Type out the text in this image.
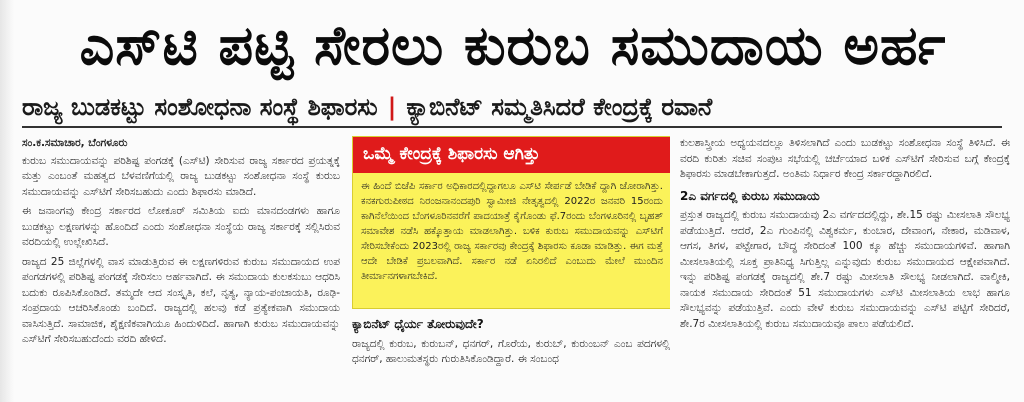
ಎಸ್‌ಟಿ ಪಟ್ಟಿ ಸೇರಲು ಕುರುಬ ಸಮುದಾಯ ಅರ್ಹ
ರಾಜ್ಯ ಬುಡಕಟ್ಟು ಸಂಶೋಧನಾ ಸಂಸ್ಥೆ ಶಿಫಾರಸು | ಕ್ಯಾಬಿನೆಟ್ ಸಮ್ಮತಿಸಿದರೆ ಕೇಂದ್ರಕ್ಕೆ ರವಾನೆ
ಸಂ.ಕ.ಸಮಾಚಾರ, ಬೆಂಗಳೂರು

ಕುರುಬ ಸಮುದಾಯವನ್ನು ಪರಿಶಿಷ್ಟ ಪಂಗಡಕ್ಕೆ (ಎಸ್‌ಟಿ) ಸೇರಿಸುವ ರಾಜ್ಯ ಸರ್ಕಾರದ ಪ್ರಯತ್ನಕ್ಕೆ ಮತ್ತು ಎಂಬಂತೆ ಮಹತ್ವದ ಬೆಳವಣಿಗೆಯಲ್ಲಿ ರಾಜ್ಯ ಬುಡಕಟ್ಟು ಸಂಶೋಧನಾ ಸಂಸ್ಥೆ ಕುರುಬ ಸಮುದಾಯವನ್ನು ಎಸ್‌ಟಿಗೆ ಸೇರಿಸಬಹುದು ಎಂದು ಶಿಫಾರಸು ಮಾಡಿದೆ.

ಈ ಜನಾಂಗವು ಕೇಂದ್ರ ಸರ್ಕಾರದ ಲೋಕೂರ್ ಸಮಿತಿಯ ಐದು ಮಾನದಂಡಗಳು ಹಾಗೂ ಬುಡಕಟ್ಟು ಲಕ್ಷಣಗಳನ್ನು ಹೊಂದಿದೆ ಎಂದು ಸಂಶೋಧನಾ ಸಂಸ್ಥೆಯ ರಾಜ್ಯ ಸರ್ಕಾರಕ್ಕೆ ಸಲ್ಲಿಸಿರುವ ವರದಿಯಲ್ಲಿ ಉಲ್ಲೇಖಿಸಿದೆ.

ರಾಜ್ಯದ 25 ಜಿಲ್ಲೆಗಳಲ್ಲಿ ವಾಸ ಮಾಡುತ್ತಿರುವ ಈ ಲಕ್ಷಣಗಳಿರುವ ಕುರುಬ ಸಮುದಾಯದ ಉಪ ಪಂಗಡಗಳಲ್ಲಿ ಪರಿಶಿಷ್ಟ ಪಂಗಡಕ್ಕೆ ಸೇರಿಸಲು ಅರ್ಹವಾಗಿದೆ. ಈ ಸಮುದಾಯ ಕುಲಕಸುಬು ಆಧರಿಸಿ ಬದುಕು ರೂಪಿಸಿಕೊಂಡಿದೆ. ತಮ್ಮದೇ ಆದ ಸಂಸ್ಕೃತಿ, ಕಲೆ, ನೃತ್ಯ, ನ್ಯಾಯ-ಪಂಚಾಯತಿ, ರೂಢಿ-ಸಂಪ್ರದಾಯ ಆಚರಿಸಿಕೊಂಡು ಬಂದಿದೆ. ರಾಜ್ಯದಲ್ಲಿ ಹಲವು ಕಡೆ ಪ್ರತ್ಯೇಕವಾಗಿ ಸಮುದಾಯ ವಾಸಿಸುತ್ತಿದೆ. ಸಾಮಾಜಿಕ, ಶೈಕ್ಷಣಿಕವಾಗಿಯೂ ಹಿಂದುಳಿದಿದೆ. ಹಾಗಾಗಿ ಕುರುಬ ಸಮುದಾಯವನ್ನು ಎಸ್‌ಟಿಗೆ ಸೇರಿಸಬಹುದೆಂದು ವರದಿ ಹೇಳಿದೆ.

ಒಮ್ಮೆ ಕೇಂದ್ರಕ್ಕೆ ಶಿಫಾರಸು ಆಗಿತ್ತು
ಈ ಹಿಂದೆ ಬಿಜೆಪಿ ಸರ್ಕಾರ ಅಧಿಕಾರದಲ್ಲಿದ್ದಾಗಲೂ ಎಸ್‌ಟಿ ಸೇರ್ಪಡೆ ಬೇಡಿಕೆ ದ್ದಾಗಿ ಜೋರಾಗಿತ್ತು. ಕನಕಗುರುಪೀಠದ ನಿರಂಜನಾನಂದಪುರಿ ಸ್ವಾಮೀಜಿ ನೇತೃತ್ವದಲ್ಲಿ 2022ರ ಜನವರಿ 15ರಂದು ಕಾಗಿನೆಲೆಯಿಂದ ಬೆಂಗಳೂರಿನವರೆಗೆ ಪಾದಯಾತ್ರೆ ಕೈಗೊಂಡು ಫೆ.7ರಂದು ಬೆಂಗಳೂರಿನಲ್ಲಿ ಬೃಹತ್ ಸಮಾವೇಶ ನಡೆಸಿ ಹಕ್ಕೊತ್ತಾಯ ಮಾಡಲಾಗಿತ್ತು. ಬಳಿಕ ಕುರುಬ ಸಮುದಾಯವನ್ನು ಎಸ್‌ಟಿಗೆ ಸೇರಿಸಬೇಕೆಂದು 2023ರಲ್ಲಿ ರಾಜ್ಯ ಸರ್ಕಾರವು ಕೇಂದ್ರಕ್ಕೆ ಶಿಫಾರಸು ಕೂಡಾ ಮಾಡಿತ್ತು. ಈಗ ಮತ್ತೆ ಆದೇ ಬೇಡಿಕೆ ಪ್ರಬಲವಾಗಿದೆ. ಸರ್ಕಾರ ನಡೆ ಏನಿರಲಿದೆ ಎಂಬುದು ಮೇಲೆ ಮುಂದಿನ ತೀರ್ಮಾನಗಳಾಗಬೇಕಿದೆ.
ಕ್ಯಾಬಿನೆಟ್ ಧೈರ್ಯ ತೋರುವುದೇ?

ರಾಜ್ಯದಲ್ಲಿ ಕುರುಬ, ಕುರುಬನ್, ಧನಗರ್, ಗೊರೆಯ, ಕುರುಬ್, ಕುರುಂಬನ್ ಎಂಬ ಪದಗಳಲ್ಲಿ ಧನಗರ್, ಹಾಲುಮತಸ್ಥರು ಗುರುತಿಸಿಕೊಂಡಿದ್ದಾರೆ. ಈ ಸಂಬಂಧ

ಕುಲಶಾಸ್ತ್ರೀಯ ಅಧ್ಯಯನದಲ್ಲೂ ತಿಳಿಸಲಾಗಿದೆ ಎಂದು ಬುಡಕಟ್ಟು ಸಂಶೋಧನಾ ಸಂಸ್ಥೆ ತಿಳಿಸಿದೆ. ಈ ವರದಿ ಕುರಿತು ಸಚಿವ ಸಂಪುಟ ಸಭೆಯಲ್ಲಿ ಚರ್ಚೆಯಾದ ಬಳಿಕ ಎಸ್‌ಟಿಗೆ ಸೇರಿಸುವ ಬಗ್ಗೆ ಕೇಂದ್ರಕ್ಕೆ ಶಿಫಾರಸು ಮಾಡಬೇಕಾಗುತ್ತದೆ. ಅಂತಿಮ ನಿರ್ಧಾರ ಕೇಂದ್ರ ಸರ್ಕಾರದ್ದಾಗಿರಲಿದೆ.

2ಎ ವರ್ಗದಲ್ಲಿ ಕುರುಬ ಸಮುದಾಯ

ಪ್ರಸ್ತುತ ರಾಜ್ಯದಲ್ಲಿ ಕುರುಬ ಸಮುದಾಯವು 2ಎ ವರ್ಗದದಲ್ಲಿದ್ದು, ಶೇ.15 ರಷ್ಟು ಮೀಸಲಾತಿ ಸೌಲಭ್ಯ ಪಡೆಯುತ್ತಿದೆ. ಆದರೆ, 2ಎ ಗುಂಪಿನಲ್ಲಿ ವಿಶ್ವಕರ್ಮ, ಕುಂಬಾರ, ದೇವಾಂಗ, ನೇಕಾರ, ಮಡಿವಾಳ, ಆಗಸ, ತಿಗಳ, ಪಟ್ಟೇಗಾರ, ಬೌದ್ಧ ಸೇರಿದಂತೆ 100 ಕ್ಕೂ ಹೆಚ್ಚು ಸಮುದಾಯಗಳಿವೆ. ಹಾಗಾಗಿ ಮೀಸಲಾತಿಯಲ್ಲಿ ಸೂಕ್ತ ಪ್ರಾತಿನಿಧ್ಯ ಸಿಗುತ್ತಿಲ್ಲ ಎನ್ನುವುದು ಕುರುಬ ಸಮುದಾಯದ ಆಕ್ಷೇಪವಾಗಿದೆ. ಇನ್ನು ಪರಿಶಿಷ್ಟ ಪಂಗಡಕ್ಕೆ ರಾಜ್ಯದಲ್ಲಿ ಶೇ.7 ರಷ್ಟು ಮೀಸಲಾತಿ ಸೌಲಭ್ಯ ನೀಡಲಾಗಿದೆ. ವಾಲ್ಮೀಕಿ, ನಾಯಕ ಸಮುದಾಯ ಸೇರಿದಂತೆ 51 ಸಮುದಾಯಗಳು ಎಸ್‌ಟಿ ಮೀಸಲಾತಿಯ ಲಾಭ ಹಾಗೂ ಸೌಲಭ್ಯವನ್ನು ಪಡೆಯುತ್ತಿವೆ. ಎಂದು ವೇಳೆ ಕುರುಬ ಸಮುದಾಯವನ್ನು ಎಸ್‌ಟಿ ಪಟ್ಟಿಗೆ ಸೇರಿದರೆ, ಶೇ.7ರ ಮೀಸಲಾತಿಯಲ್ಲಿ ಕುರುಬ ಸಮುದಾಯವೂ ಪಾಲು ಪಡೆಯಲಿದೆ.
